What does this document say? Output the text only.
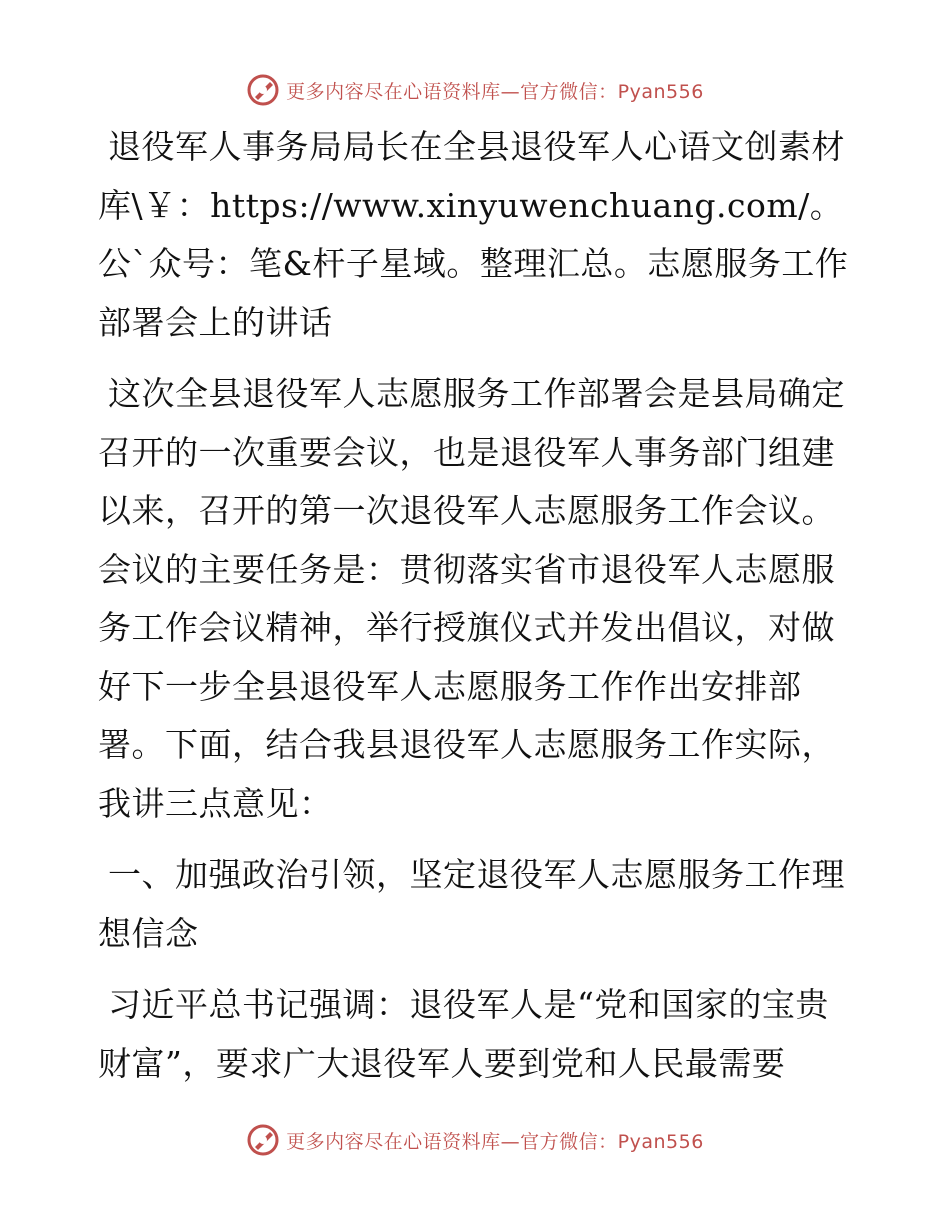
更多内容尽在心语资料库—官方微信：Pyan556

退役军人事务局局长在全县退役军人心语文创素材库\￥：https://www.xinyuwenchuang.com/。公`众号：笔&杆子星域。整理汇总。志愿服务工作部署会上的讲话

这次全县退役军人志愿服务工作部署会是县局确定召开的一次重要会议，也是退役军人事务部门组建以来，召开的第一次退役军人志愿服务工作会议。会议的主要任务是：贯彻落实省市退役军人志愿服务工作会议精神，举行授旗仪式并发出倡议，对做好下一步全县退役军人志愿服务工作作出安排部署。下面，结合我县退役军人志愿服务工作实际，我讲三点意见：

一、加强政治引领，坚定退役军人志愿服务工作理想信念

习近平总书记强调：退役军人是“党和国家的宝贵财富”，要求广大退役军人要到党和人民最需要

更多内容尽在心语资料库—官方微信：Pyan556
